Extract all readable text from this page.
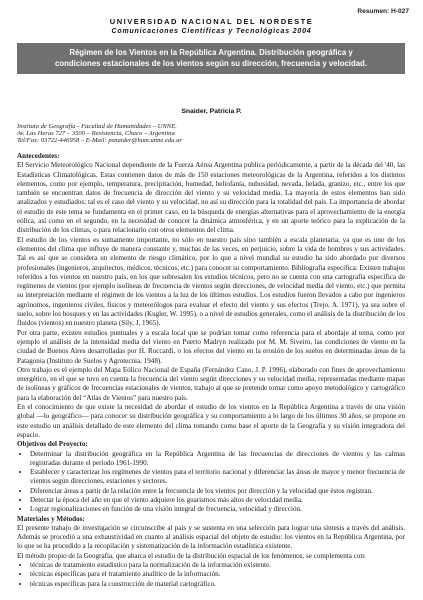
Resumen: H-027
UNIVERSIDAD NACIONAL DEL NORDESTE
Comunicaciones Científicas y Tecnológicas 2004
Régimen de los Vientos en la República Argentina. Distribución geográfica y
condiciones estacionales de los vientos según su dirección, frecuencia y velocidad.
Snaider, Patricia P.
Instituto de Geografía - Facultad de Humanidades – UNNE.
Av. Las Heras 727 – 3500 – Resistencia, Chaco – Argentina
Tel/Fax: 03722-446958 – E-Mail: psnaider@hum.unne.edu.ar
Antecedentes:

El Servicio Meteorológico Nacional dependiente de la Fuerza Aérea Argentina publica periódicamente, a partir de la década del '40, las Estadísticas Climatológicas. Estas contienen datos de más de 150 estaciones meteorológicas de la Argentina, referidos a los distintos elementos, como por ejemplo, temperatura, precipitación, humedad, heliofanía, nubosidad, nevada, helada, granizo, etc., entre los que también se encuentran datos de frecuencia de dirección del viento y su velocidad media. La mayoría de estos elementos han sido analizados y estudiados; tal es el caso del viento y su velocidad, no así su dirección para la totalidad del país. La importancia de abordar el estudio de este tema se fundamenta en el primer caso, en la búsqueda de energías alternativas para el aprovechamiento de la energía eólica, así como en el segundo, en la necesidad de conocer la dinámica atmosférica, y en un aporte teórico para la explicación de la distribución de los climas, o para relacionarlo con otros elementos del clima.

El estudio de los vientos es sumamente importante, no sólo en nuestro país sino también a escala planetaria, ya que es uno de los elementos del clima que influye de manera constante y, muchas de las veces, en perjuicio, sobre la vida de hombres y sus actividades. Tal es así que se considera un elemento de riesgo climático, por lo que a nivel mundial su estudio ha sido abordado por diversos profesionales (ingenieros, arquitectos, médicos, técnicos, etc.) para conocer su comportamiento. Bibliografía específica: Existen trabajos referidos a los vientos en nuestro país, en los que sobresalen los estudios técnicos, pero no se cuenta con una cartografía específica de regímenes de vientos (por ejemplo isolíneas de frecuencia de vientos según direcciones, de velocidad media del viento, etc.) que permita su interpretación mediante el régimen de los vientos a la luz de los últimos estudios. Los estudios fueron llevados a cabo por ingenieros agrónomos, ingenieros civiles, físicos y meteorólogos para evaluar el efecto del viento y sus efectos (Trejo, A. 1971), ya sea sobre el suelo, sobre los bosques y en las actividades (Kugler, W. 1995), o a nivel de estudios generales, como el análisis de la distribución de los fluidos (vientos) en nuestro planeta (Sily, J. 1965).

Por otra parte, existen estudios puntuales y a escala local que se podrían tomar como referencia para el abordaje al tema, como por ejemplo el análisis de la intensidad media del viento en Puerto Madryn realizado por M. M. Siveiro, las condiciones de viento en la ciudad de Buenos Aires desarrolladas por H. Roccardi, o los efectos del viento en la erosión de los suelos en determinadas áreas de la Patagonia (Instituto de Suelos y Agrotecnia, 1948).

Otro trabajo es el ejemplo del Mapa Eólico Nacional de España (Fernández Cano, J. P. 1996), elaborado con fines de aprovechamiento energético, en el que se tuvo en cuenta la frecuencia del viento según direcciones y su velocidad media, representadas mediante mapas de isolíneas y gráficos de frecuencias estacionales de vientos, trabajo al que se pretende tomar como apoyo metodológico y cartográfico para la elaboración del “Atlas de Vientos” para nuestro país.

En el conocimiento de que existe la necesidad de abordar el estudio de los vientos en la República Argentina a través de una visión global —lo geográfico— para conocer su distribución geográfica y su comportamiento a lo largo de los últimos 30 años, se propone en este estudio un análisis detallado de este elemento del clima tomando como base el aporte de la Geografía y su visión integradora del espacio.

Objetivos del Proyecto:
• Determinar la distribución geográfica en la República Argentina de las frecuencias de direcciones de vientos y las calmas registradas durante el período 1961-1990.
• Establecer y caracterizar los regímenes de vientos para el territorio nacional y diferenciar las áreas de mayor y menor frecuencia de vientos según direcciones, estaciones y sectores.
• Diferenciar áreas a partir de la relación entre la frecuencia de los vientos por dirección y la velocidad que éstos registran.
• Detectar la época del año en que el viento adquiere los guarismos más altos de velocidad media.
• Lograr regionalizaciones en función de una visión integral de frecuencia, velocidad y dirección.
Materiales y Métodos:

El presente trabajo de investigación se circunscribe al país y se sustenta en una selección para lograr una síntesis a través del análisis. Además se procedió a una exhaustividad en cuanto al análisis espacial del objeto de estudio: los vientos en la República Argentina, por lo que se ha procedido a la recopilación y sistematización de la información estadística existente.

El método propio de la Geografía, que abarca el estudio de la distribución espacial de los fenómenos, se complementa con:

• técnicas de tratamiento estadístico para la normalización de la información existente.
• técnicas específicas para el tratamiento analítico de la información.
• técnicas específicas para la construcción de material cartográfico.
